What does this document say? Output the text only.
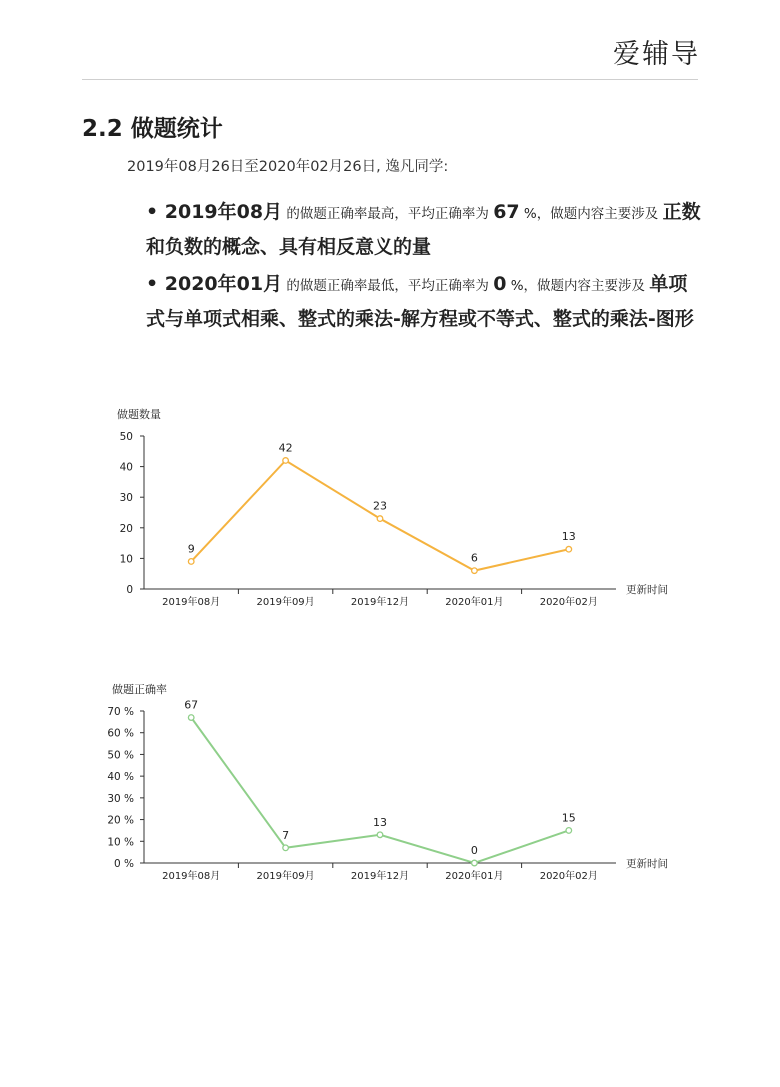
爱辅导
2.2 做题统计
2019年08月26日至2020年02月26日, 逸凡同学:
• 2019年08月 的做题正确率最高，平均正确率为 67 %，做题内容主要涉及 正数和负数的概念、具有相反意义的量
• 2020年01月 的做题正确率最低，平均正确率为 0 %，做题内容主要涉及 单项式与单项式相乘、整式的乘法-解方程或不等式、整式的乘法-图形
做题数量
0
10
20
30
40
50
2019年08月	2019年09月	2019年12月	2020年01月	2020年02月
更新时间
9
42
23
6
13
做题正确率
0 %
10 %
20 %
30 %
40 %
50 %
60 %
70 %
2019年08月	2019年09月	2019年12月	2020年01月	2020年02月
更新时间
67
7
13
0
15
